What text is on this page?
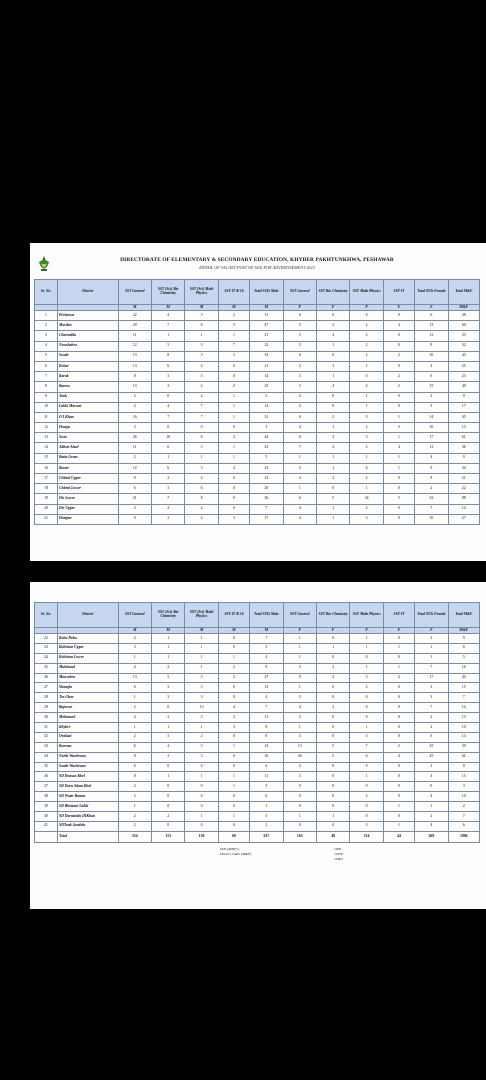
DIRECTORATE OF ELEMENTARY & SECONDARY EDUCATION, KHYBER PAKHTUNKHWA, PESHAWAR
DETAIL OF VACANT POST OF SSTs FOR ADVERTISEMENT 2023
Sr. No.	District	SST General	SST (Sci) Bio Chemistry	SST (Sci) Math Physics	SST-IT B-16	Total SSTs Male	SST General	SST Bio Chemistry	SST Math Physics	SST-IT	Total SSTs Female	Total M&F
		M	M	M	M	M	F	F	F	F	F	M&F
1	Peshawar	22	4	3	2	31	6	0	0	0	6	38
2	Mardan	29	7	6	5	47	5	2	2	4	13	60
3	Charsadda	11	1	1	1	21	3	4	2	0	12	33
4	Nowshehra	12	5	3	7	23	3	1	2	0	8	32
5	Swabi	13	8	3	3	33	6	0	2	2	10	43
6	Kohat	13	6	2	0	21	2	1	1	0	4	25
7	Karak	8	3	3	0	14	3	1	3	2	6	23
8	Bannu	13	3	2	2	25	3	4	4	2	15	40
9	Tank	2	0	2	1	5	2	0	1	0	3	8
10	Lakki Marwat	2	4	7	1	14	2	0	1	0	3	17
11	D I Khan	16	7	7	1	31	6	2	3	1	14	45
12	Hangu	3	0	0	0	3	4	1	2	3	10	13
13	Swat	26	10	6	2	44	6	3	3	1	17	61
14	Abbott Abad	11	6	3	1	23	7	2	2	4	13	36
15	Batta Gram	2	1	1	1	5	1	1	1	1	4	9
16	Buner	12	6	3	2	23	3	1	4	1	9	34
17	Chitral Upper	9	2	2	0	13	4	2	2	0	8	21
18	Chitral Lower	6	3	6	0	20	1	0	1	0	2	22
19	Dir Lower	21	7	8	0	36	6	5	34	5	52	88
20	Dir Upper	3	2	2	0	7	4	1	2	0	7	14
21	Haripur	9	3	2	3	17	4	1	3	0	10	27
Sr. No.	District	SST General	SST (Sci) Bio Chemistry	SST (Sci) Math Physics	SST-IT B-16	Total SSTs Male	SST General	SST Bio Chemistry	SST Math Physics	SST-IT	Total SSTs Female	Total M&F
		M	M	M	M	M	F	F	F	F	F	M&F
22	Kolai Palas	2	1	1	0	7	1	0	1	0	2	9
23	Kohistan Upper	3	1	1	0	5	1	1	1	1	1	6
24	Kohistan Lower	1	1	1	1	4	1	0	0	0	1	5
25	Malakand	4	2	1	2	9	3	2	1	1	7	16
26	Mansehra	13	5	3	2	27	8	2	3	2	17	44
27	Shangla	6	3	3	0	12	1	0	2	0	3	15
28	Tor Ghar	1	3	3	0	4	3	0	0	0	3	7
29	Bajawar	2	0	13	4	7	4	2	0	0	7	14
30	Mohmand	4	2	3	2	11	2	0	0	0	2	13
31	Khyber	1	1	1	3	8	1	0	1	0	2	10
32	Orakzai	2	3	2	0	8	3	0	3	0	6	14
33	Kurram	6	4	3	1	14	13	5	7	2	25	39
34	North Waziristan	8	3	3	0	16	26	5	6	4	45	61
35	South Waziristan	6	0	0	0	6	2	0	0	0	2	8
36	SD Hassan Khel	8	1	1	1	11	3	0	1	0	4	15
37	SD Dara Adam Khel	2	0	0	1	3	0	0	0	0	0	3
38	SD Wazir Bannu	2	0	0	0	6	0	0	2	0	4	10
39	SD Bhettani Lakki	1	0	0	0	1	0	0	0	1	1	2
40	SD Darazinda DIKhan	2	2	1	1	5	1	1	0	0	2	7
41	SDTank Jandola	2	0	0	0	2	0	0	3	1	4	6
	Total	334	113	130	60	637	163	48	114	44	369	1006
SSTs (M&F)=
District Cadre (M&F)
1006
12978
13984
